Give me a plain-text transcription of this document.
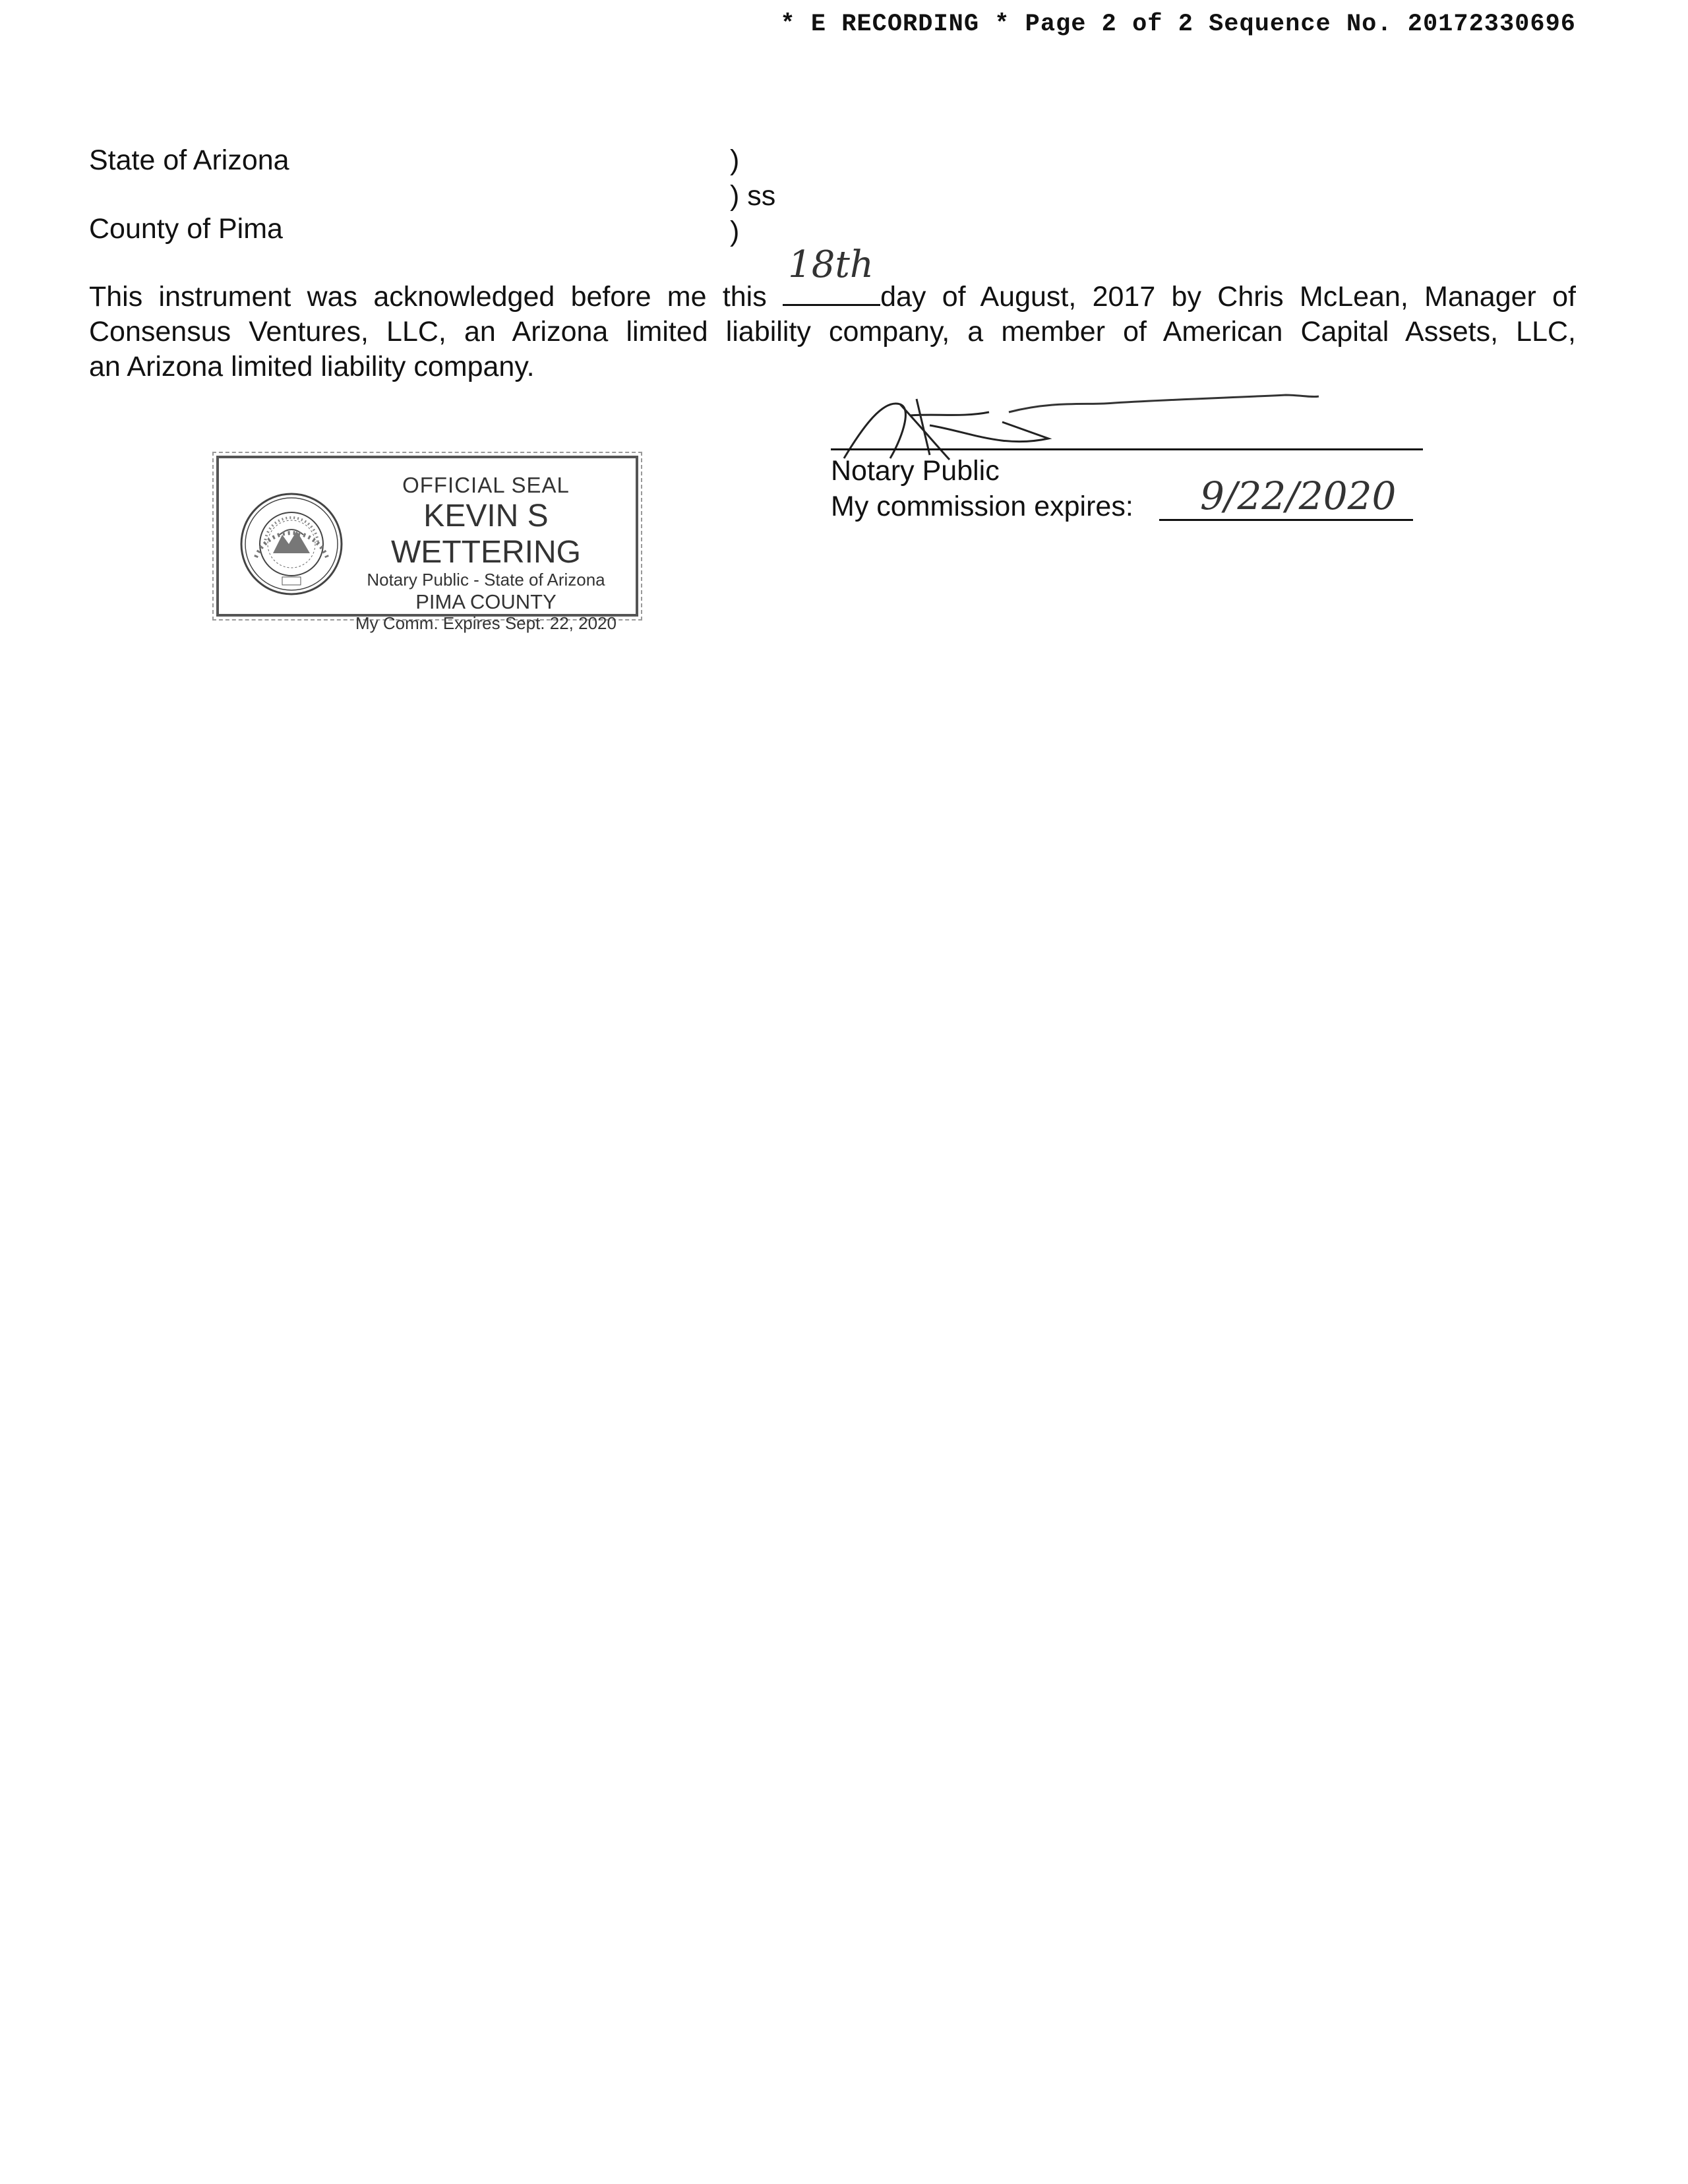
* E RECORDING * Page 2 of 2 Sequence No. 20172330696
State of Arizona
County of Pima
)
) ss
)
This instrument was acknowledged before me this
18th
day of August, 2017 by Chris McLean, Manager of
Consensus Ventures, LLC, an Arizona limited liability company, a member of American Capital Assets, LLC,
an Arizona limited liability company.
OFFICIAL SEAL
KEVIN S WETTERING
Notary Public - State of Arizona
PIMA COUNTY
My Comm. Expires Sept. 22, 2020
Notary Public
My commission expires: 9/22/2020
